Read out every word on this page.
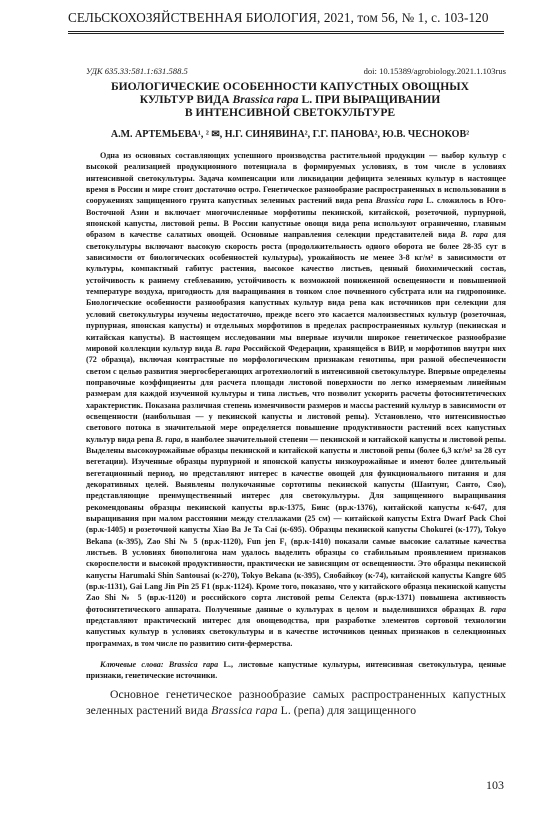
СЕЛЬСКОХОЗЯЙСТВЕННАЯ БИОЛОГИЯ, 2021, том 56, № 1, с. 103-120
УДК 635.33:581.1:631.588.5	doi: 10.15389/agrobiology.2021.1.103rus
БИОЛОГИЧЕСКИЕ ОСОБЕННОСТИ КАПУСТНЫХ ОВОЩНЫХ
КУЛЬТУР ВИДА Brassica rapa L. ПРИ ВЫРАЩИВАНИИ
В ИНТЕНСИВНОЙ СВЕТОКУЛЬТУРЕ
А.М. АРТЕМЬЕВА¹, ² ✉, Н.Г. СИНЯВИНА², Г.Г. ПАНОВА², Ю.В. ЧЕСНОКОВ²

Одна из основных составляющих успешного производства растительной продукции — выбор культур с высокой реализацией продукционного потенциала в формируемых условиях, в том числе в условиях интенсивной светокультуры. Задача компенсации или ликвидации дефицита зеленных культур в настоящее время в России и мире стоит достаточно остро. Генетическое разнообразие распространенных в использовании в сооружениях защищенного грунта капустных зеленных растений вида репа Brassica rapa L. сложилось в Юго-Восточной Азии и включает многочисленные морфотипы пекинской, китайской, розеточной, пурпурной, японской капусты, листовой репы. В России капустные овощи вида репа используют ограниченно, главным образом в качестве салатных овощей. Основные направления селекции представителей вида B. rapa для светокультуры включают высокую скорость роста (продолжительность одного оборота не более 28-35 сут в зависимости от биологических особенностей культуры), урожайность не менее 3-8 кг/м² в зависимости от культуры, компактный габитус растения, высокое качество листьев, ценный биохимический состав, устойчивость к раннему стеблеванию, устойчивость к возможной пониженной освещенности и повышенной температуре воздуха, пригодность для выращивания в тонком слое почвенного субстрата или на гидропонике. Биологические особенности разнообразия капустных культур вида репа как источников при селекции для условий светокультуры изучены недостаточно, прежде всего это касается малоизвестных культур (розеточная, пурпурная, японская капусты) и отдельных морфотипов в пределах распространенных культур (пекинская и китайская капусты). В настоящем исследовании мы впервые изучили широкое генетическое разнообразие мировой коллекции культур вида B. rapa Российской Федерации, хранящейся в ВИР, и морфотипов внутри них (72 образца), включая контрастные по морфологическим признакам генотипы, при разной обеспеченности светом с целью развития энергосберегающих агротехнологий в интенсивной светокультуре. Впервые определены поправочные коэффициенты для расчета площади листовой поверхности по легко измеряемым линейным размерам для каждой изученной культуры и типа листьев, что позволит ускорить расчеты фотосинтетических характеристик. Показана различная степень изменчивости размеров и массы растений культур в зависимости от освещенности (наибольшая — у пекинской капусты и листовой репы). Установлено, что интенсивностью светового потока в значительной мере определяется повышение продуктивности растений всех капустных культур вида репа B. rapa, в наиболее значительной степени — пекинской и китайской капусты и листовой репы. Выделены высокоурожайные образцы пекинской и китайской капусты и листовой репы (более 6,3 кг/м² за 28 сут вегетации). Изученные образцы пурпурной и японской капусты низкоурожайные и имеют более длительный вегетационный период, но представляют интерес в качестве овощей для функционального питания и для декоративных целей. Выявлены полукочанные сортотипы пекинской капусты (Шантунг, Санто, Сяо), представляющие преимущественный интерес для светокультуры. Для защищенного выращивания рекомендованы образцы пекинской капусты вр.к-1375, Бинс (вр.к-1376), китайской капусты к-647, для выращивания при малом расстоянии между стеллажами (25 см) — китайской капусты Extra Dwarf Pack Choi (вр.к-1405) и розеточной капусты Xiao Ba Je Ta Cai (к-695). Образцы пекинской капусты Chokurei (к-177), Tokyo Bekana (к-395), Zao Shi № 5 (вр.к-1120), Fun jen F₁ (вр.к-1410) показали самые высокие салатные качества листьев. В условиях биополигона нам удалось выделить образцы со стабильным проявлением признаков скороспелости и высокой продуктивности, практически не зависящим от освещенности. Это образцы пекинской капусты Harumaki Shin Santousai (к-270), Tokyo Bekana (к-395), Сяобайкоу (к-74), китайской капусты Kangre 605 (вр.к-1131), Gai Lang Jin Pin 25 F1 (вр.к-1124). Кроме того, показано, что у китайского образца пекинской капусты Zao Shi № 5 (вр.к-1120) и российского сорта листовой репы Селекта (вр.к-1371) повышена активность фотосинтетического аппарата. Полученные данные о культурах в целом и выделившихся образцах B. rapa представляют практический интерес для овощеводства, при разработке элементов сортовой технологии капустных культур в условиях светокультуры и в качестве источников ценных признаков в селекционных программах, в том числе по развитию сити-фермерства.

Ключевые слова: Brassica rapa L., листовые капустные культуры, интенсивная светокультура, ценные признаки, генетические источники.

Основное генетическое разнообразие самых распространенных капустных зеленных растений вида Brassica rapa L. (репа) для защищенного

103
